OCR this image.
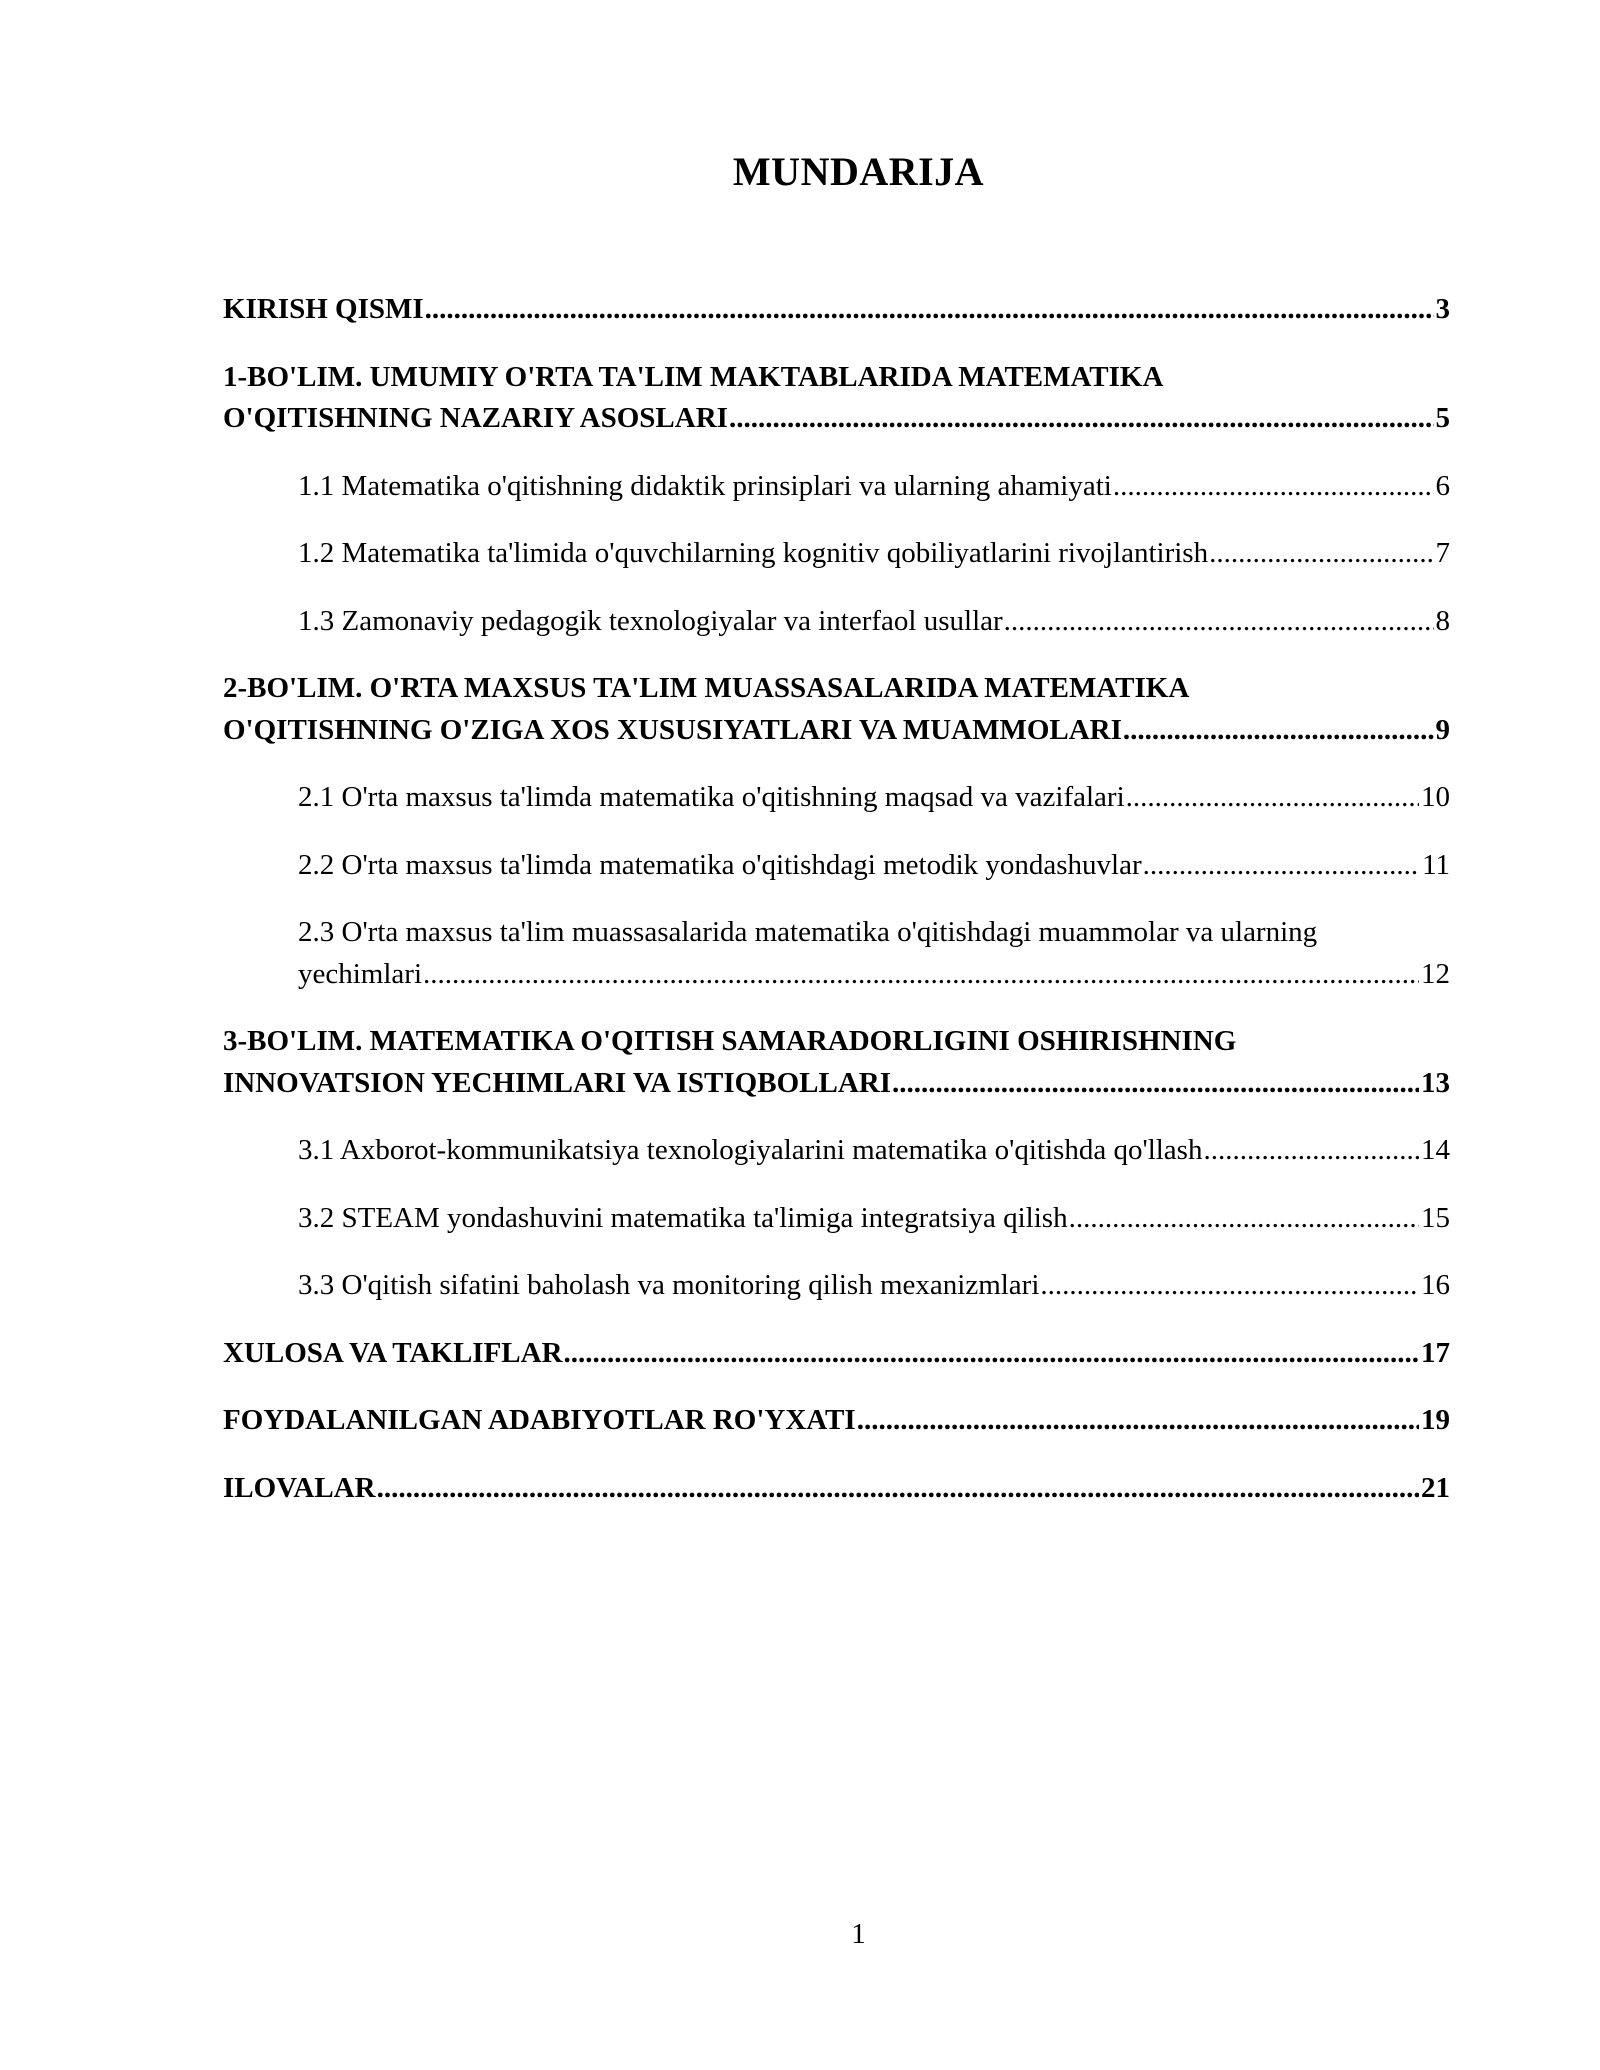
MUNDARIJA
KIRISH QISMI .....	3
1-BO'LIM. UMUMIY O'RTA TA'LIM MAKTABLARIDA MATEMATIKA
O'QITISHNING NAZARIY ASOSLARI .....	5
1.1 Matematika o'qitishning didaktik prinsiplari va ularning ahamiyati .....	6
1.2 Matematika ta'limida o'quvchilarning kognitiv qobiliyatlarini rivojlantirish .....	7
1.3 Zamonaviy pedagogik texnologiyalar va interfaol usullar .....	8
2-BO'LIM. O'RTA MAXSUS TA'LIM MUASSASALARIDA MATEMATIKA
O'QITISHNING O'ZIGA XOS XUSUSIYATLARI VA MUAMMOLARI .....	9
2.1 O'rta maxsus ta'limda matematika o'qitishning maqsad va vazifalari .....	10
2.2 O'rta maxsus ta'limda matematika o'qitishdagi metodik yondashuvlar .....	11
2.3 O'rta maxsus ta'lim muassasalarida matematika o'qitishdagi muammolar va ularning
yechimlari .....	12
3-BO'LIM. MATEMATIKA O'QITISH SAMARADORLIGINI OSHIRISHNING
INNOVATSION YECHIMLARI VA ISTIQBOLLARI .....	13
3.1 Axborot-kommunikatsiya texnologiyalarini matematika o'qitishda qo'llash .....	14
3.2 STEAM yondashuvini matematika ta'limiga integratsiya qilish .....	15
3.3 O'qitish sifatini baholash va monitoring qilish mexanizmlari .....	16
XULOSA VA TAKLIFLAR .....	17
FOYDALANILGAN ADABIYOTLAR RO'YXATI .....	19
ILOVALAR .....	21
1
